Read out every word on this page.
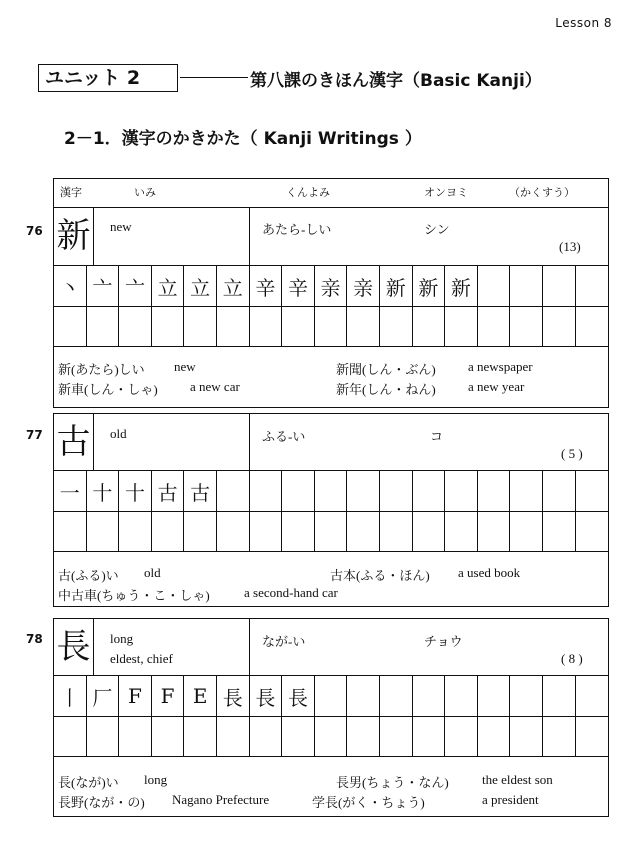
Lesson 8
ユニット 2	第八課のきほん漢字（Basic Kanji）
2－1．漢字のかきかた（ Kanji Writings ）
76
漢字	いみ	くんよみ	オンヨミ	（かくすう）
新 new	あたら-しい	シン
(13)
丶 亠 亠 立 立 立 辛 辛 亲 亲 新 新 新
新(あたら)しい new	新聞(しん・ぶん) a newspaper
新車(しん・しゃ) a new car	新年(しん・ねん) a new year
77 古 old	ふる-い	コ
( 5 )
一 十 十 古 古
古(ふる)い old	古本(ふる・ほん) a used book
中古車(ちゅう・こ・しゃ)	a second-hand car
78 長 long
eldest, chief
なが-い	チョウ
( 8 )
丨 厂 F F E 長 長 長
長(なが)い long	長男(ちょう・なん)	the eldest son
長野(なが・の) Nagano Prefecture	学長(がく・ちょう)	a president
